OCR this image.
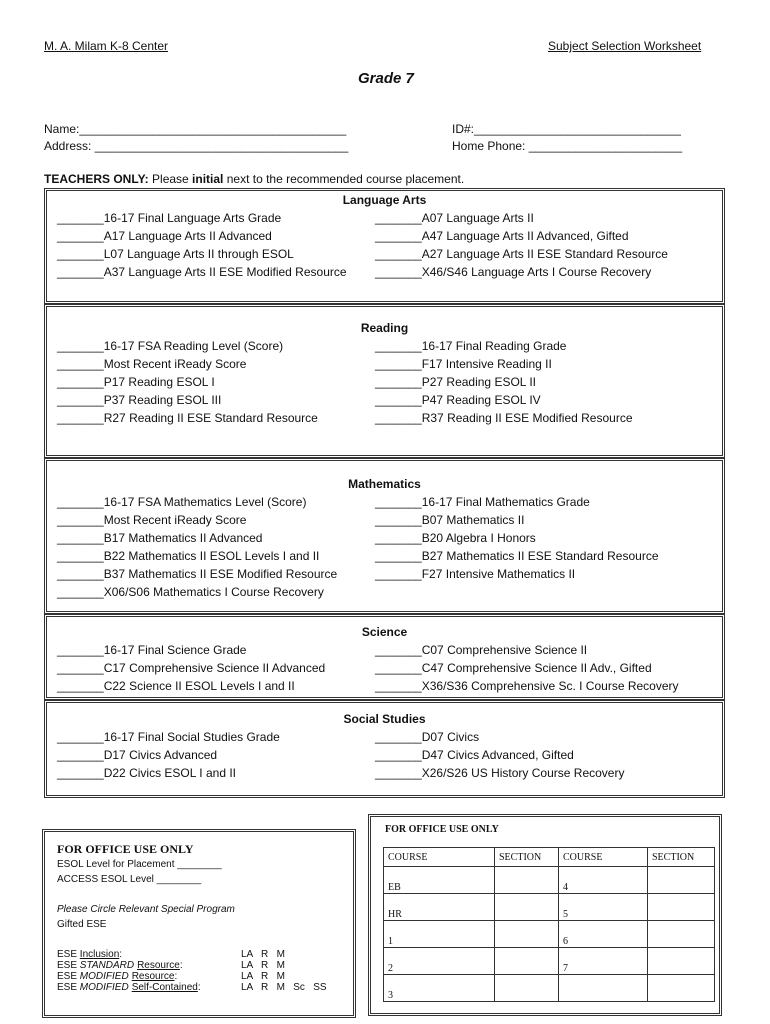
M. A. Milam K-8 Center	Subject Selection Worksheet
Grade 7
Name:________________________________________
Address: ______________________________________
ID#:_______________________________
Home Phone: _______________________
TEACHERS ONLY: Please initial next to the recommended course placement.
Language Arts
_______16-17 Final Language Arts Grade
_______A17 Language Arts II Advanced
_______L07 Language Arts II through ESOL
_______A37 Language Arts II ESE Modified Resource
_______A07 Language Arts II
_______A47 Language Arts II Advanced, Gifted
_______A27 Language Arts II ESE Standard Resource
_______X46/S46 Language Arts I Course Recovery
Reading
_______16-17 FSA Reading Level (Score)
_______Most Recent iReady Score
_______P17 Reading ESOL I
_______P37 Reading ESOL III
_______R27 Reading II ESE Standard Resource
_______16-17 Final Reading Grade
_______F17 Intensive Reading II
_______P27 Reading ESOL II
_______P47 Reading ESOL IV
_______R37 Reading II ESE Modified Resource
Mathematics
_______16-17 FSA Mathematics Level (Score)
_______Most Recent iReady Score
_______B17 Mathematics II Advanced
_______B22 Mathematics II ESOL Levels I and II
_______B37 Mathematics II ESE Modified Resource
_______X06/S06 Mathematics I Course Recovery
_______16-17 Final Mathematics Grade
_______B07 Mathematics II
_______B20 Algebra I Honors
_______B27 Mathematics II ESE Standard Resource
_______F27 Intensive Mathematics II
Science
_______16-17 Final Science Grade
_______C17 Comprehensive Science II Advanced
_______C22 Science II ESOL Levels I and II
_______C07 Comprehensive Science II
_______C47 Comprehensive Science II Adv., Gifted
_______X36/S36 Comprehensive Sc. I Course Recovery
Social Studies
_______16-17 Final Social Studies Grade
_______D17 Civics Advanced
_______D22 Civics ESOL I and II
_______D07 Civics
_______D47 Civics Advanced, Gifted
_______X26/S26 US History Course Recovery
FOR OFFICE USE ONLY
ESOL Level for Placement ________
ACCESS ESOL Level ________
Please Circle Relevant Special Program
Gifted ESE
ESE Inclusion:	LA   R   M
ESE STANDARD Resource:	LA   R   M
ESE MODIFIED Resource:	LA   R   M
ESE MODIFIED Self-Contained:	LA   R   M   Sc   SS
FOR OFFICE USE ONLY
COURSE	SECTION	COURSE	SECTION
EB		4	
HR		5	
1		6	
2		7	
3			
